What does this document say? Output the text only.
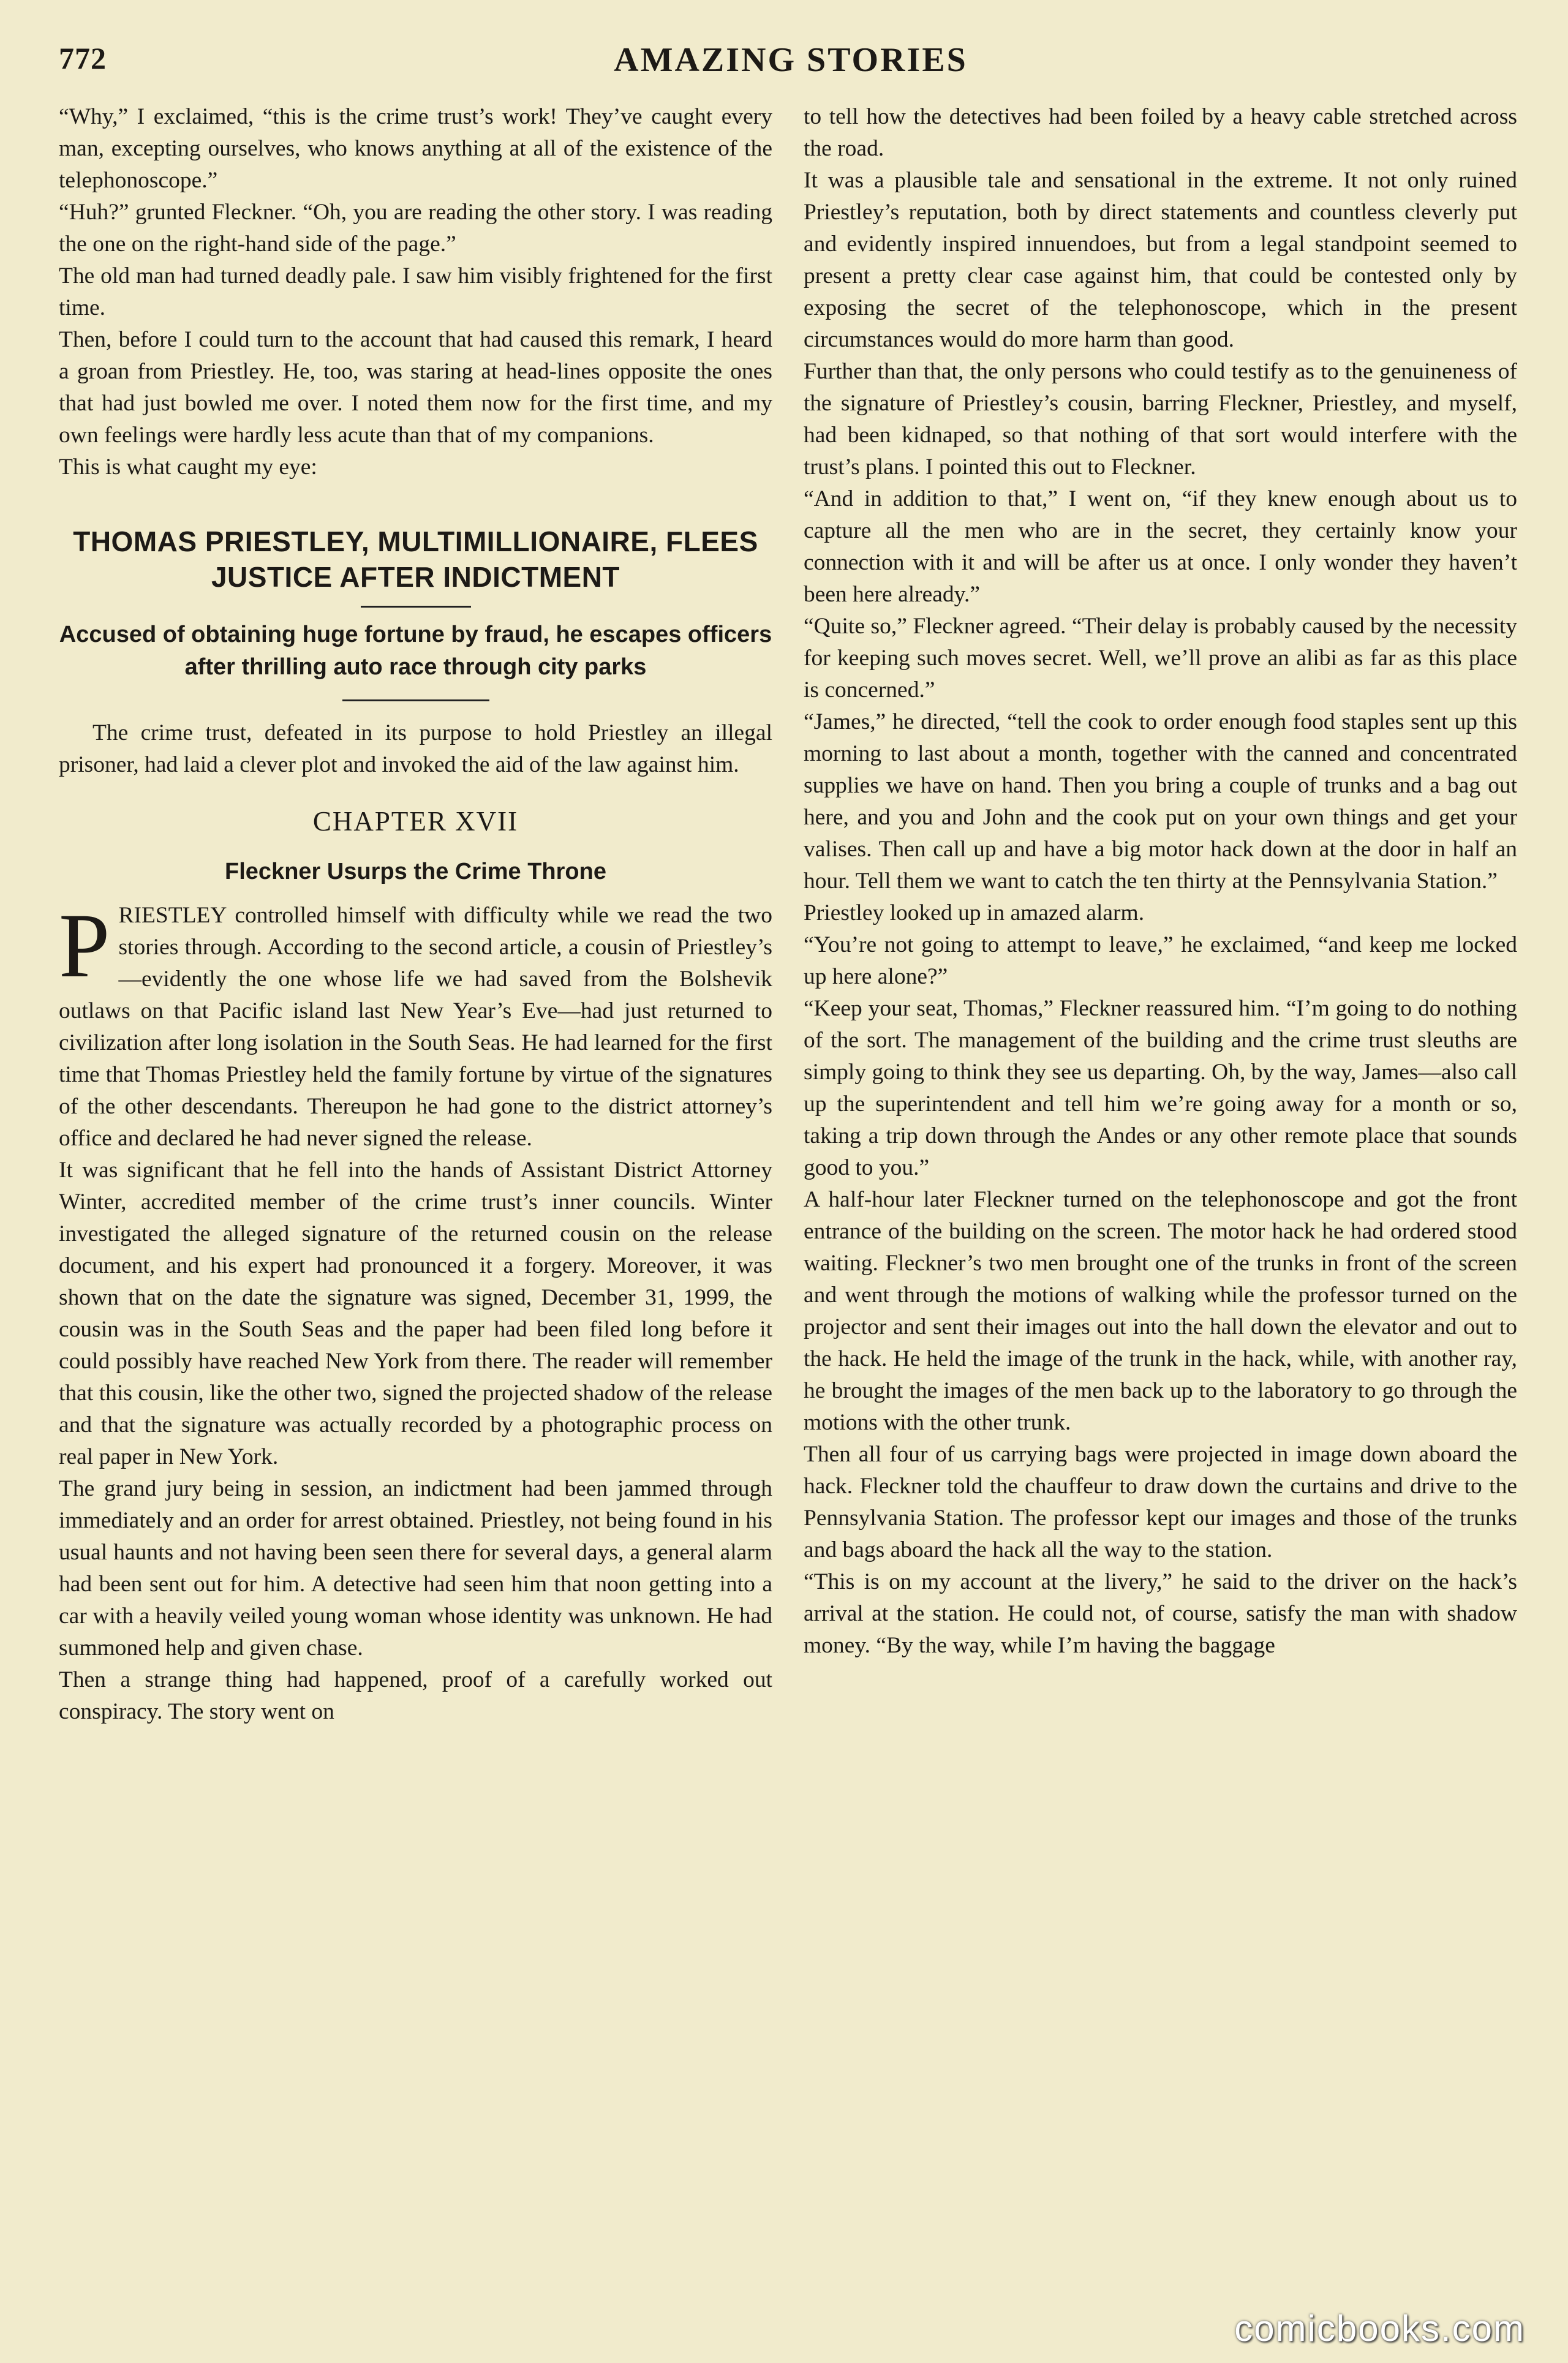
772	AMAZING STORIES

“Why,” I exclaimed, “this is the crime trust’s work! They’ve caught every man, excepting ourselves, who knows anything at all of the existence of the telephonoscope.”

“Huh?” grunted Fleckner. “Oh, you are reading the other story. I was reading the one on the right-hand side of the page.”

The old man had turned deadly pale. I saw him visibly frightened for the first time.

Then, before I could turn to the account that had caused this remark, I heard a groan from Priestley. He, too, was staring at head-lines opposite the ones that had just bowled me over. I noted them now for the first time, and my own feelings were hardly less acute than that of my companions.

This is what caught my eye:

THOMAS PRIESTLEY, MULTIMILLIONAIRE, FLEES JUSTICE AFTER INDICTMENT
Accused of obtaining huge fortune by fraud, he escapes officers after thrilling auto race through city parks

The crime trust, defeated in its purpose to hold Priestley an illegal prisoner, had laid a clever plot and invoked the aid of the law against him.

CHAPTER XVII
Fleckner Usurps the Crime Throne

PRIESTLEY controlled himself with difficulty while we read the two stories through. According to the second article, a cousin of Priestley’s—evidently the one whose life we had saved from the Bolshevik outlaws on that Pacific island last New Year’s Eve—had just returned to civilization after long isolation in the South Seas. He had learned for the first time that Thomas Priestley held the family fortune by virtue of the signatures of the other descendants. Thereupon he had gone to the district attorney’s office and declared he had never signed the release.

It was significant that he fell into the hands of Assistant District Attorney Winter, accredited member of the crime trust’s inner councils. Winter investigated the alleged signature of the returned cousin on the release document, and his expert had pronounced it a forgery. Moreover, it was shown that on the date the signature was signed, December 31, 1999, the cousin was in the South Seas and the paper had been filed long before it could possibly have reached New York from there. The reader will remember that this cousin, like the other two, signed the projected shadow of the release and that the signature was actually recorded by a photographic process on real paper in New York.

The grand jury being in session, an indictment had been jammed through immediately and an order for arrest obtained. Priestley, not being found in his usual haunts and not having been seen there for several days, a general alarm had been sent out for him. A detective had seen him that noon getting into a car with a heavily veiled young woman whose identity was unknown. He had summoned help and given chase.

Then a strange thing had happened, proof of a carefully worked out conspiracy. The story went on

to tell how the detectives had been foiled by a heavy cable stretched across the road.

It was a plausible tale and sensational in the extreme. It not only ruined Priestley’s reputation, both by direct statements and countless cleverly put and evidently inspired innuendoes, but from a legal standpoint seemed to present a pretty clear case against him, that could be contested only by exposing the secret of the telephonoscope, which in the present circumstances would do more harm than good.

Further than that, the only persons who could testify as to the genuineness of the signature of Priestley’s cousin, barring Fleckner, Priestley, and myself, had been kidnaped, so that nothing of that sort would interfere with the trust’s plans. I pointed this out to Fleckner.

“And in addition to that,” I went on, “if they knew enough about us to capture all the men who are in the secret, they certainly know your connection with it and will be after us at once. I only wonder they haven’t been here already.”

“Quite so,” Fleckner agreed. “Their delay is probably caused by the necessity for keeping such moves secret. Well, we’ll prove an alibi as far as this place is concerned.”

“James,” he directed, “tell the cook to order enough food staples sent up this morning to last about a month, together with the canned and concentrated supplies we have on hand. Then you bring a couple of trunks and a bag out here, and you and John and the cook put on your own things and get your valises. Then call up and have a big motor hack down at the door in half an hour. Tell them we want to catch the ten thirty at the Pennsylvania Station.”

Priestley looked up in amazed alarm.

“You’re not going to attempt to leave,” he exclaimed, “and keep me locked up here alone?”

“Keep your seat, Thomas,” Fleckner reassured him. “I’m going to do nothing of the sort. The management of the building and the crime trust sleuths are simply going to think they see us departing. Oh, by the way, James—also call up the superintendent and tell him we’re going away for a month or so, taking a trip down through the Andes or any other remote place that sounds good to you.”

A half-hour later Fleckner turned on the telephonoscope and got the front entrance of the building on the screen. The motor hack he had ordered stood waiting. Fleckner’s two men brought one of the trunks in front of the screen and went through the motions of walking while the professor turned on the projector and sent their images out into the hall down the elevator and out to the hack. He held the image of the trunk in the hack, while, with another ray, he brought the images of the men back up to the laboratory to go through the motions with the other trunk.

Then all four of us carrying bags were projected in image down aboard the hack. Fleckner told the chauffeur to draw down the curtains and drive to the Pennsylvania Station. The professor kept our images and those of the trunks and bags aboard the hack all the way to the station.

“This is on my account at the livery,” he said to the driver on the hack’s arrival at the station. He could not, of course, satisfy the man with shadow money. “By the way, while I’m having the baggage

comicbooks.com
